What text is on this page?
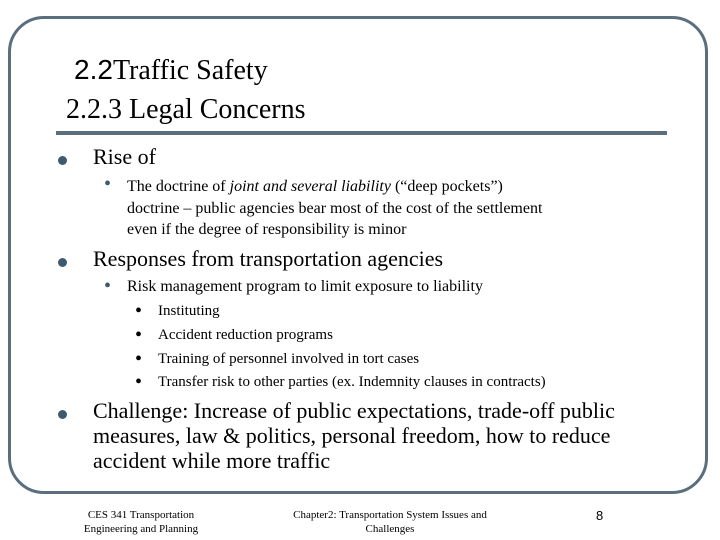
2.2Traffic Safety
2.2.3 Legal Concerns
Rise of
• The doctrine of joint and several liability (“deep pockets”)
doctrine – public agencies bear most of the cost of the settlement
even if the degree of responsibility is minor
Responses from transportation agencies
• Risk management program to limit exposure to liability
• Instituting
• Accident reduction programs
• Training of personnel involved in tort cases
• Transfer risk to other parties (ex. Indemnity clauses in contracts)
Challenge: Increase of public expectations, trade-off public
measures, law & politics, personal freedom, how to reduce
accident while more traffic
CES 341 Transportation
Engineering and Planning
Chapter2: Transportation System Issues and
Challenges
8
